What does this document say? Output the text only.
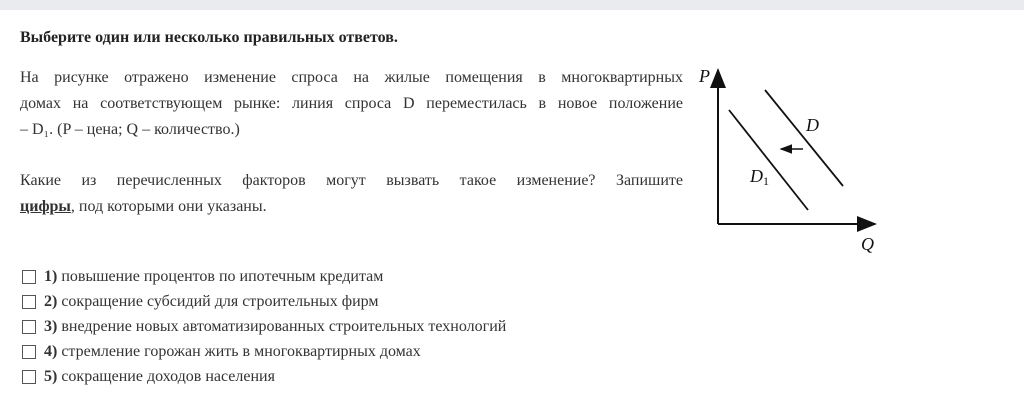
Выберите один или несколько правильных ответов.
На рисунке отражено изменение спроса на жилые помещения в многоквартирных
домах на соответствующем рынке: линия спроса D переместилась в новое положение
– D₁. (P – цена; Q – количество.)
Какие из перечисленных факторов могут вызвать такое изменение? Запишите
цифры, под которыми они указаны.
P
Q
D
D1
1) повышение процентов по ипотечным кредитам
2) сокращение субсидий для строительных фирм
3) внедрение новых автоматизированных строительных технологий
4) стремление горожан жить в многоквартирных домах
5) сокращение доходов населения
